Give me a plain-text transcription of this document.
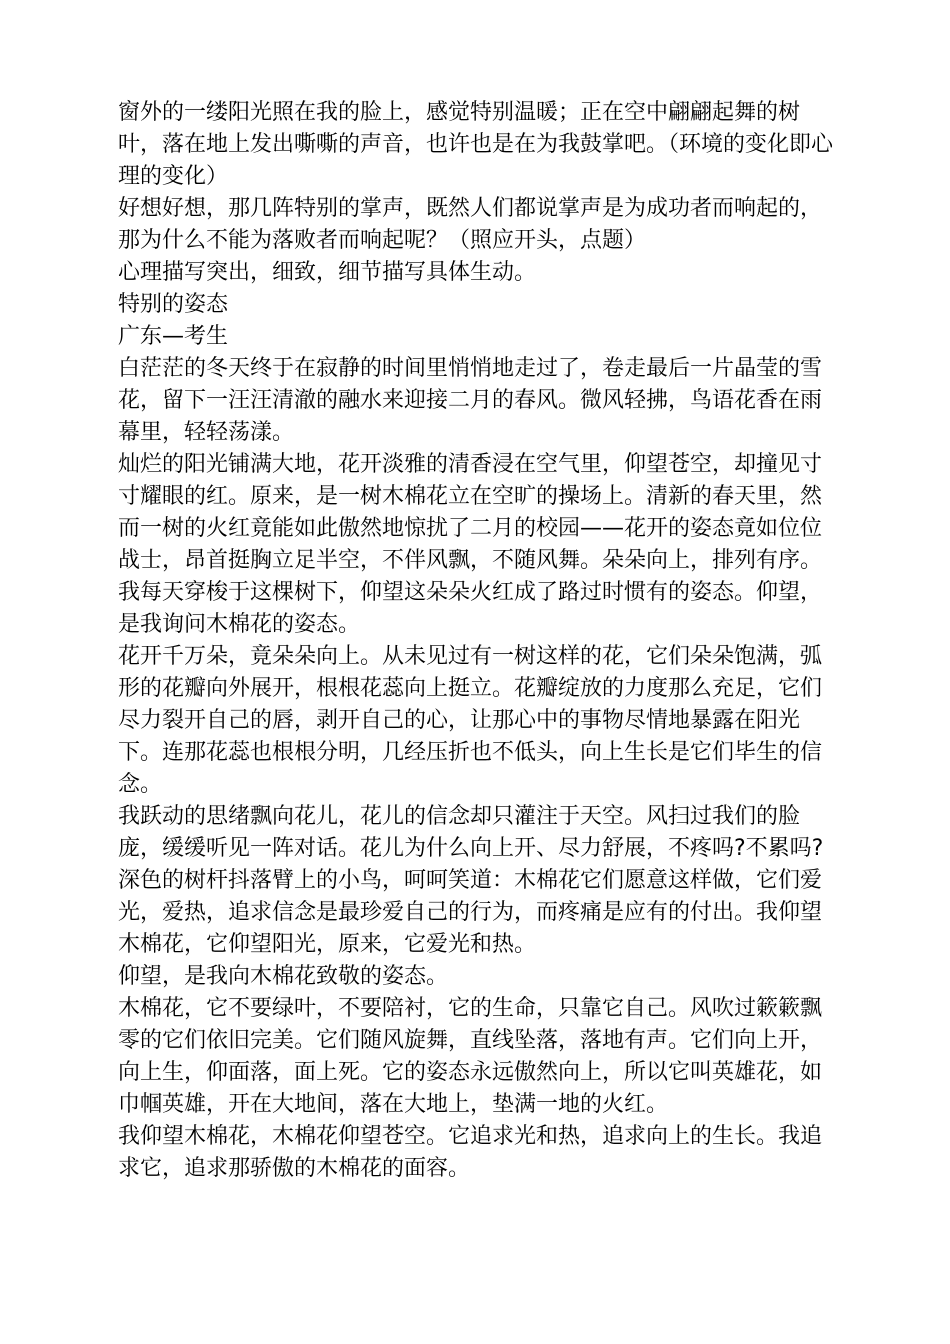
窗外的一缕阳光照在我的脸上，感觉特别温暖；正在空中翩翩起舞的树叶，落在地上发出嘶嘶的声音，也许也是在为我鼓掌吧。（环境的变化即心理的变化）

好想好想，那几阵特别的掌声，既然人们都说掌声是为成功者而响起的，那为什么不能为落败者而响起呢？（照应开头，点题）

心理描写突出，细致，细节描写具体生动。

特别的姿态

广东—考生

白茫茫的冬天终于在寂静的时间里悄悄地走过了，卷走最后一片晶莹的雪花，留下一汪汪清澈的融水来迎接二月的春风。微风轻拂，鸟语花香在雨幕里，轻轻荡漾。

灿烂的阳光铺满大地，花开淡雅的清香浸在空气里，仰望苍空，却撞见寸寸耀眼的红。原来，是一树木棉花立在空旷的操场上。清新的春天里，然而一树的火红竟能如此傲然地惊扰了二月的校园——花开的姿态竟如位位战士，昂首挺胸立足半空，不伴风飘，不随风舞。朵朵向上，排列有序。我每天穿梭于这棵树下，仰望这朵朵火红成了路过时惯有的姿态。仰望，是我询问木棉花的姿态。

花开千万朵，竟朵朵向上。从未见过有一树这样的花，它们朵朵饱满，弧形的花瓣向外展开，根根花蕊向上挺立。花瓣绽放的力度那么充足，它们尽力裂开自己的唇，剥开自己的心，让那心中的事物尽情地暴露在阳光下。连那花蕊也根根分明，几经压折也不低头，向上生长是它们毕生的信念。

我跃动的思绪飘向花儿，花儿的信念却只灌注于天空。风扫过我们的脸庞，缓缓听见一阵对话。花儿为什么向上开、尽力舒展，不疼吗?不累吗?深色的树杆抖落臂上的小鸟，呵呵笑道：木棉花它们愿意这样做，它们爱光，爱热，追求信念是最珍爱自己的行为，而疼痛是应有的付出。我仰望木棉花，它仰望阳光，原来，它爱光和热。

仰望，是我向木棉花致敬的姿态。

木棉花，它不要绿叶，不要陪衬，它的生命，只靠它自己。风吹过簌簌飘零的它们依旧完美。它们随风旋舞，直线坠落，落地有声。它们向上开，向上生，仰面落，面上死。它的姿态永远傲然向上，所以它叫英雄花，如巾帼英雄，开在大地间，落在大地上，垫满一地的火红。

我仰望木棉花，木棉花仰望苍空。它追求光和热，追求向上的生长。我追求它，追求那骄傲的木棉花的面容。
